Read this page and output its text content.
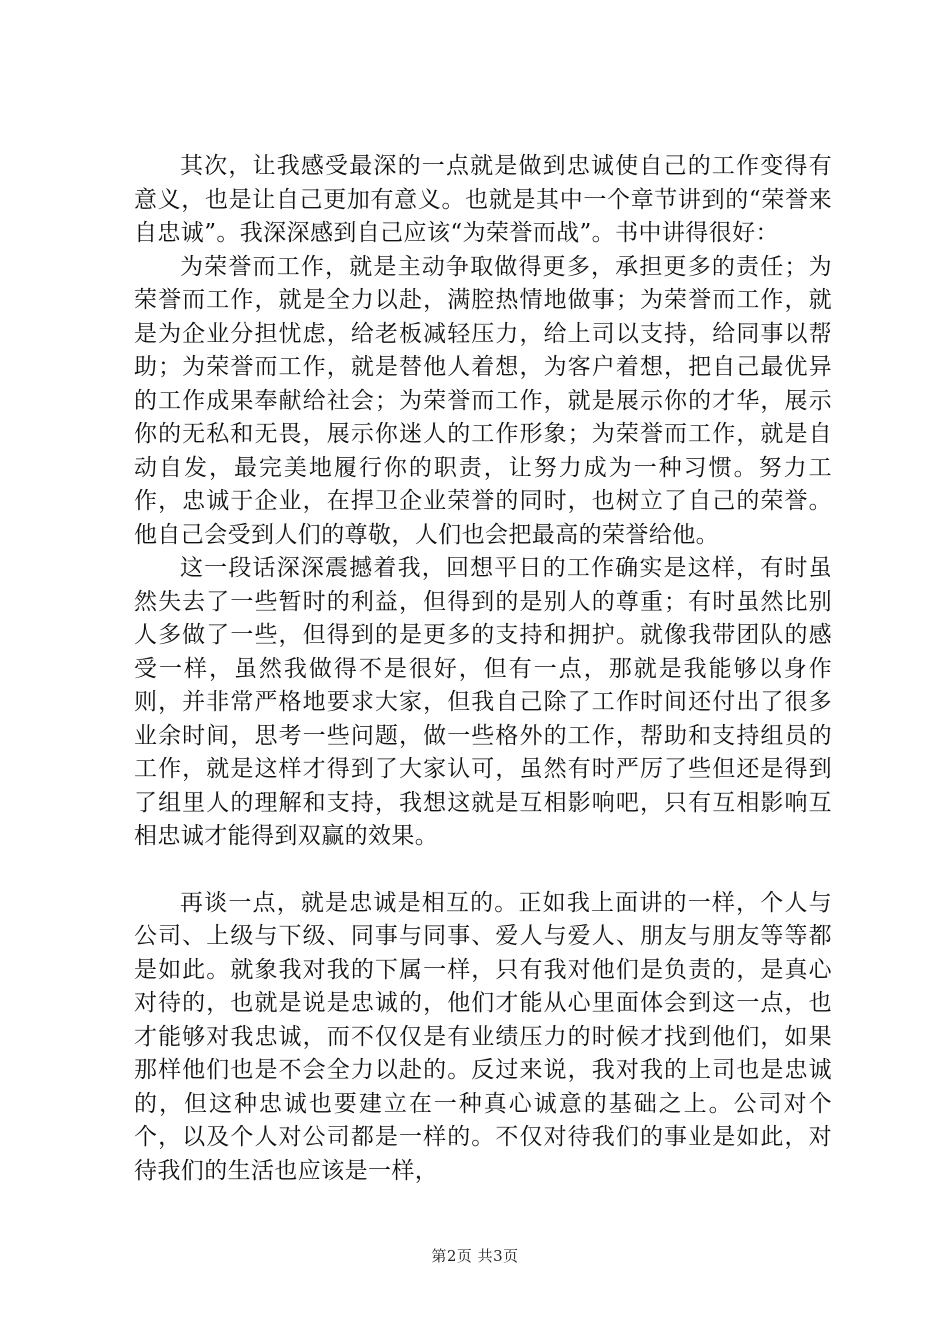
其次，让我感受最深的一点就是做到忠诚使自己的工作变得有意义，也是让自己更加有意义。也就是其中一个章节讲到的“荣誉来自忠诚”。我深深感到自己应该“为荣誉而战”。书中讲得很好：

为荣誉而工作，就是主动争取做得更多，承担更多的责任；为荣誉而工作，就是全力以赴，满腔热情地做事；为荣誉而工作，就是为企业分担忧虑，给老板减轻压力，给上司以支持，给同事以帮助；为荣誉而工作，就是替他人着想，为客户着想，把自己最优异的工作成果奉献给社会；为荣誉而工作，就是展示你的才华，展示你的无私和无畏，展示你迷人的工作形象；为荣誉而工作，就是自动自发，最完美地履行你的职责，让努力成为一种习惯。努力工作，忠诚于企业，在捍卫企业荣誉的同时，也树立了自己的荣誉。他自己会受到人们的尊敬，人们也会把最高的荣誉给他。

这一段话深深震撼着我，回想平日的工作确实是这样，有时虽然失去了一些暂时的利益，但得到的是别人的尊重；有时虽然比别人多做了一些，但得到的是更多的支持和拥护。就像我带团队的感受一样，虽然我做得不是很好，但有一点，那就是我能够以身作则，并非常严格地要求大家，但我自己除了工作时间还付出了很多业余时间，思考一些问题，做一些格外的工作，帮助和支持组员的工作，就是这样才得到了大家认可，虽然有时严厉了些但还是得到了组里人的理解和支持，我想这就是互相影响吧，只有互相影响互相忠诚才能得到双赢的效果。

再谈一点，就是忠诚是相互的。正如我上面讲的一样，个人与公司、上级与下级、同事与同事、爱人与爱人、朋友与朋友等等都是如此。就象我对我的下属一样，只有我对他们是负责的，是真心对待的，也就是说是忠诚的，他们才能从心里面体会到这一点，也才能够对我忠诚，而不仅仅是有业绩压力的时候才找到他们，如果那样他们也是不会全力以赴的。反过来说，我对我的上司也是忠诚的，但这种忠诚也要建立在一种真心诚意的基础之上。公司对个个，以及个人对公司都是一样的。不仅对待我们的事业是如此，对待我们的生活也应该是一样，

第2页 共3页
